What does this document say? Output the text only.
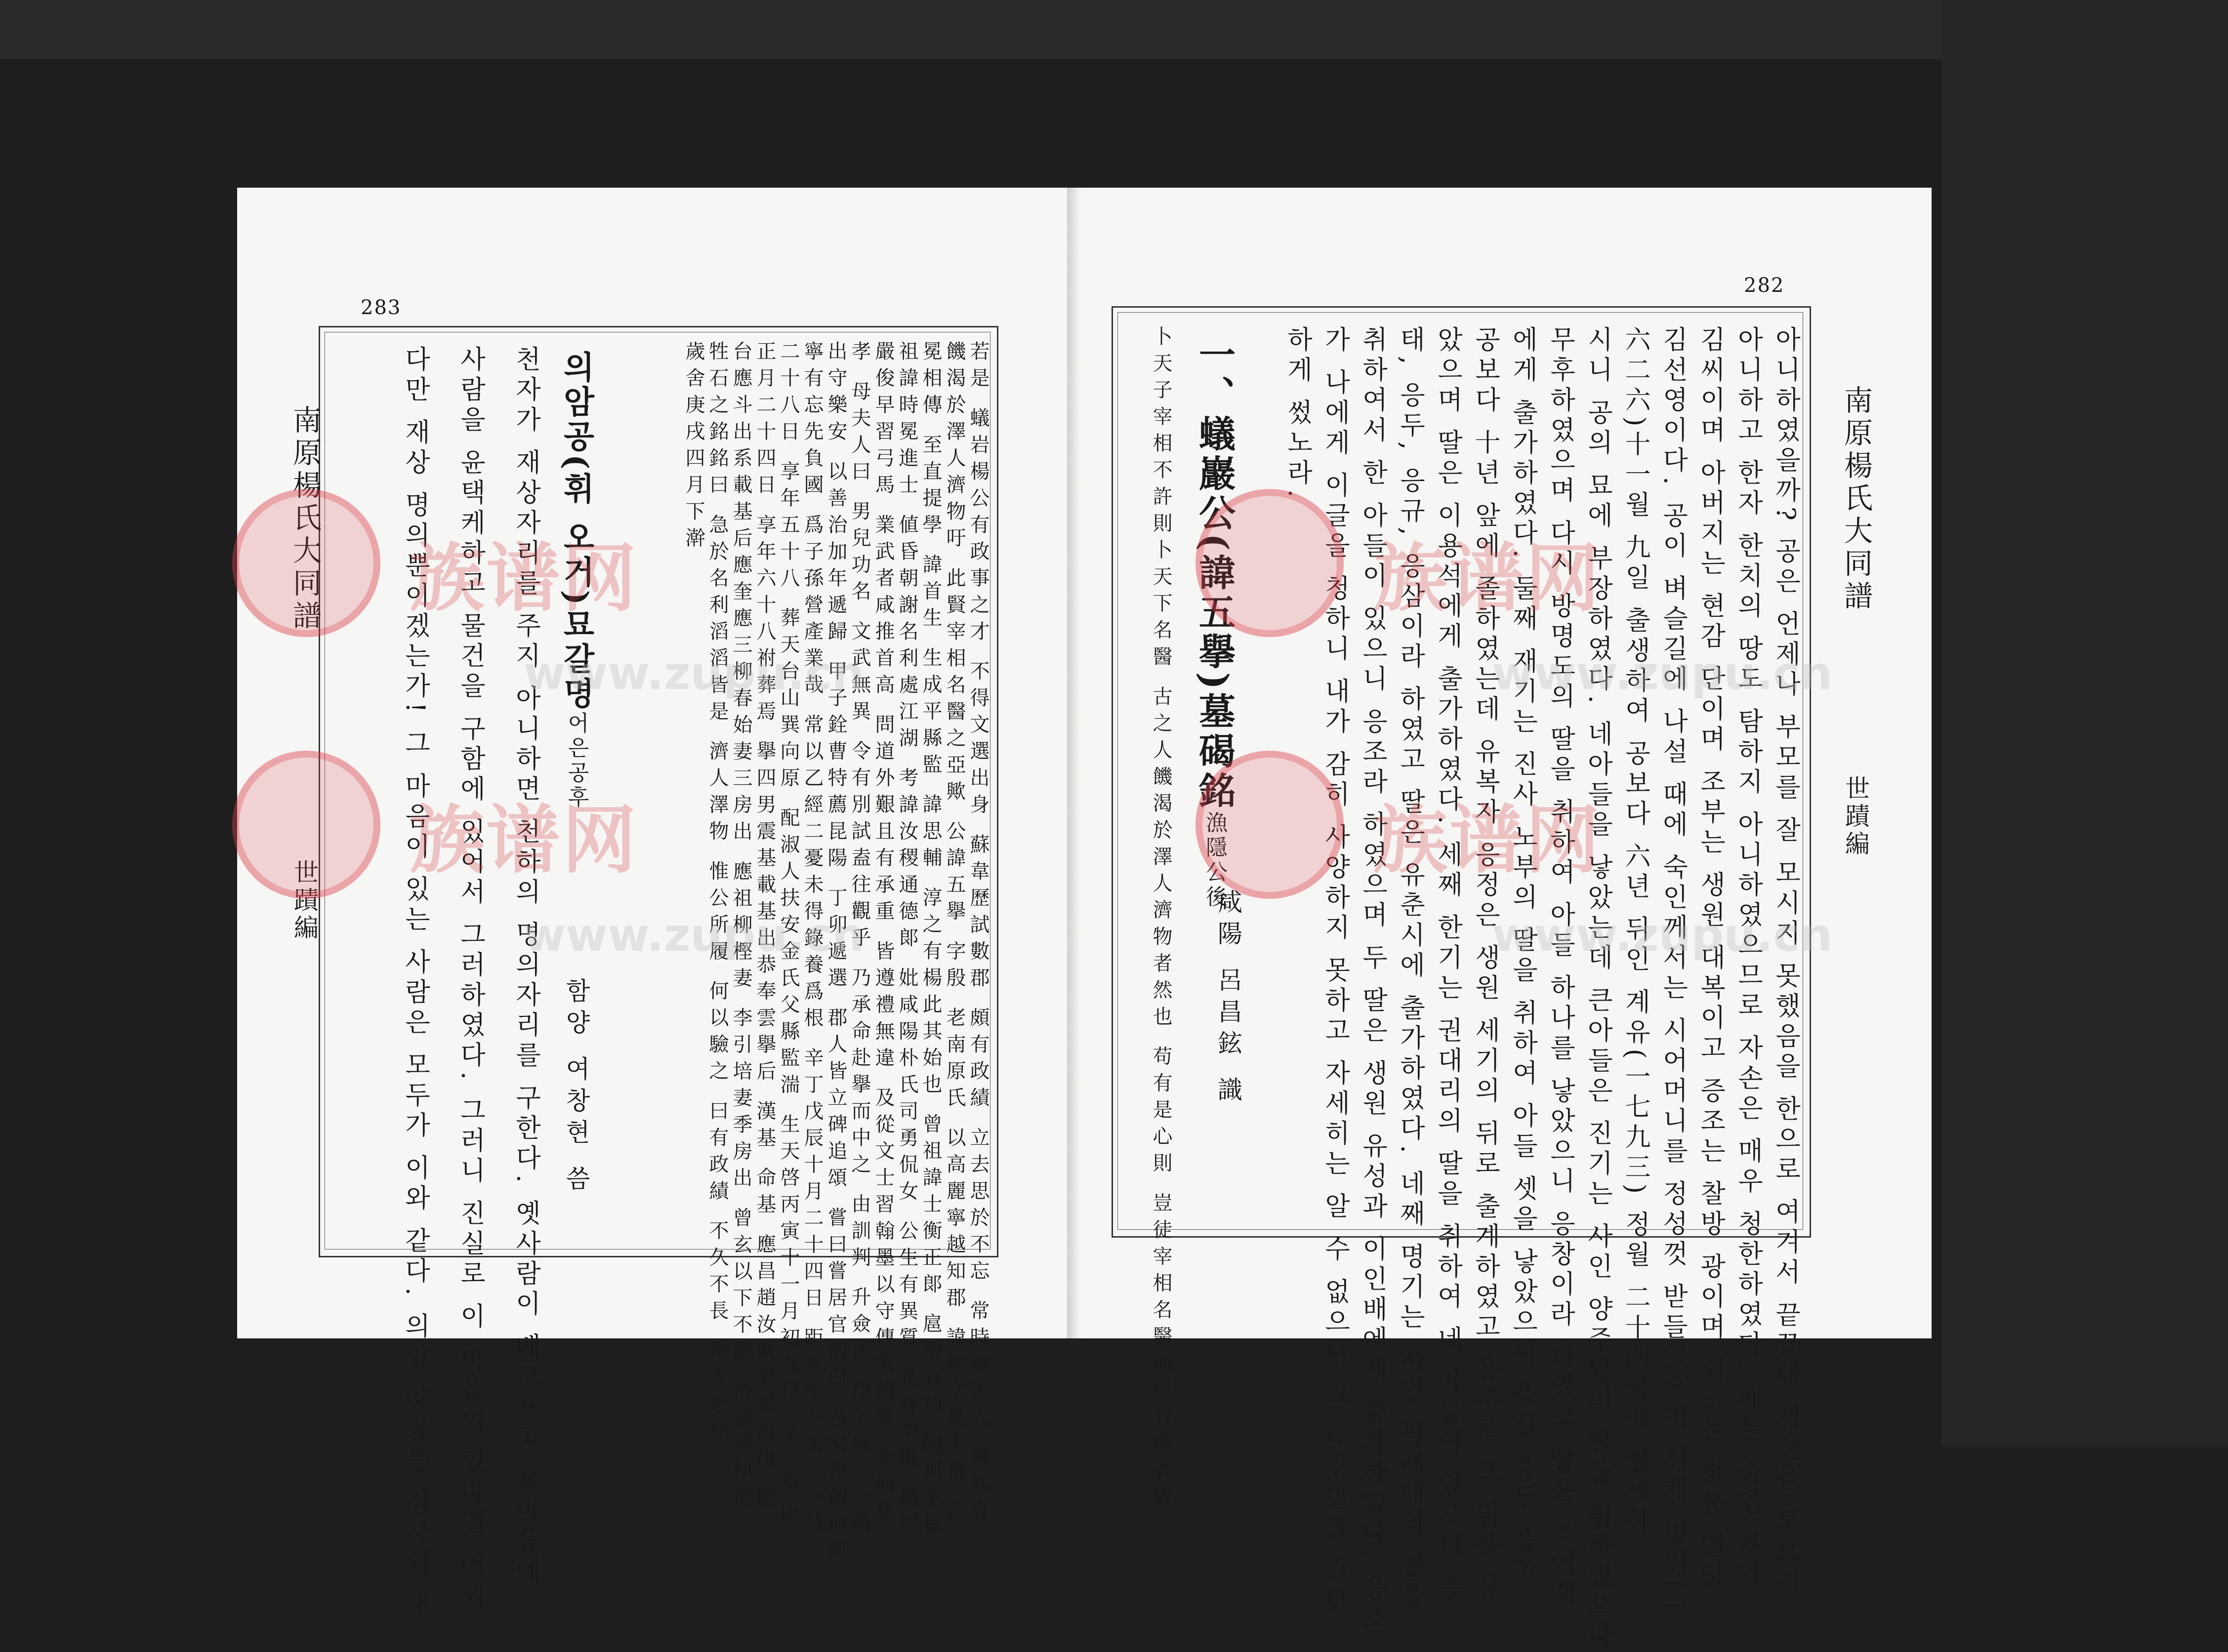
283
南原楊氏大同譜
世蹟編	若是 蟻岩楊公有政事之才 不得文選出身 蘇韋歷試數郡 頗有政績 立去思於不忘 常時與後人 稱其有
饑渴於澤人濟物吁 此賢宰相名醫之亞歟 公諱五擧 字殷 老南原氏 以高麗寧越知郡 諱敬文爲上祖 冠
冕相傳 至直提學 諱首生 生成平縣監 諱思輔 淳之有楊此其始也 曾祖諱士衡正郞 扈聖有功 贈都承旨
祖諱時冕進士 値昏朝謝名利處江湖 考諱汝稷通德郞 妣咸陽朴氏司勇侃女 公生有異質 長身美髯 風姿
嚴俊早習弓馬 業武者咸推首高 問道外艱且有承重 皆遵禮無違 及從文士習翰墨以守傳家緖業 奉偏慈
孝 母夫人曰 男兒功名 文武無異 令有別試盍往觀乎 乃承命赴擧而中之 由訓判 升僉正 戊午以三公薦
出守樂安 以善治加年遞歸 甲子銓曹特薦昆陽 丁卯遞選 郡人皆立碑追頌 嘗曰嘗居官淸白 吾家世傳遺風
寧有忘先負國 爲子孫營產業哉 常以乙經二憂未得錄養爲根 辛丁戊辰十月二十四日 距其生辛未十一月
二十八日 享年五十八 葬天台山巽向原 配淑人扶安金氏父縣監湍 生天啓丙寅十一月初九日 卒于癸酉
正月二十四日 享年六十八祔葬焉 擧四男震基載基出恭奉雲擧后 漢基 命基 應昌趙汝載妻長房出 應
台應斗出系載基后應奎應三柳春始妻三房出 應祖柳樫妻 李引培妻季房出 曾玄以下不錄 後孫秉惲徵爲
牲石之銘銘曰 急於名利滔滔皆是 濟人澤物 惟公所履 何以驗之 曰有政績 不久不長 後人之惻
歲舍庚戌四月下澣
의암공(휘 오거)묘갈명어은공후
함양 여창현 씀
천자가 재상자리를 주지 아니하면 천하의 명의자리를 구한다. 옛사람이 배고프고 목마름에
사람을 윤택케하고 물건을 구함에 있어서 그러하였다. 그러니 진실로 이 마음이 있다면 어찌
다만 재상 명의뿐이겠는가! 그 마음이 있는 사람은 모두가 이와 같다. 의암 양공은 정사의 재
282
南原楊氏大同譜
世蹟編
아니하였을까? 공은 언제나 부모를 잘 모시지 못했음을 한으로 여겨서 끝끝내 재산을 모으지
아니하고 한자 한치의 땅도 탐하지 아니하였으므로 자손은 매우 청한하였다. 배는 숙인 부안
김씨이며 아버지는 현감 단이며 조부는 생원 대복이고 증조는 찰방 광이며 외조는 참봉 언양
김선영이다. 공이 벼슬길에 나설 때에 숙인께서는 시어머니를 정성껏 받들었으며 천계 병인(一
六二六)十一월 九일 출생하여 공보다 六년 뒤인 계유(一七九三) 정월 二十四일에 별세하
시니 공의 묘에 부장하였다. 네아들을 낳았는데 큰아들은 진기는 사인 양주남의 딸을 취하였으나
무후하였으며 다시 방명도의 딸을 취하여 아들 하나를 낳았으니 응창이라 하였고 딸은 조여재
에게 출가하였다. 둘째 재기는 진사 노부의 딸을 취하여 아들 셋을 낳았으니 응삼 응두 응조
공보다 十년 앞에 졸하였는데 유복자 응정은 생원 세기의 뒤로 출계하였고 응두로 그 뒤를 삼
았으며 딸은 이용석에게 출가하였다. 세째 한기는 권대리의 딸을 취하여 네 아들이 있으니 응
태, 응두, 응규, 응삼이라 하였고 딸은 유춘시에 출가하였다. 네째 명기는 사인 곽재태의 딸을
취하여서 한 아들이 있으니 응조라 하였으며 두 딸은 생원 유성과 이인배에게 출가하였다. 응조
가 나에게 이글을 청하니 내가 감히 사양하지 못하고 자세히는 알 수 없으나 그 대강만을 간단
하게 썼노라.
一、蟻巖公(諱五擧)墓碣銘漁隱公後
卜天子宰相不許則卜天下名醫 古之人饑渴於澤人濟物者然也 苟有是心則 豈徒宰相名醫而已有爲者皆 咸陽 呂昌鉉 識
族谱网
族谱网
族谱网
族谱网
www.zupu.cn
www.zupu.cn
www.zupu.cn
www.zupu.cn
